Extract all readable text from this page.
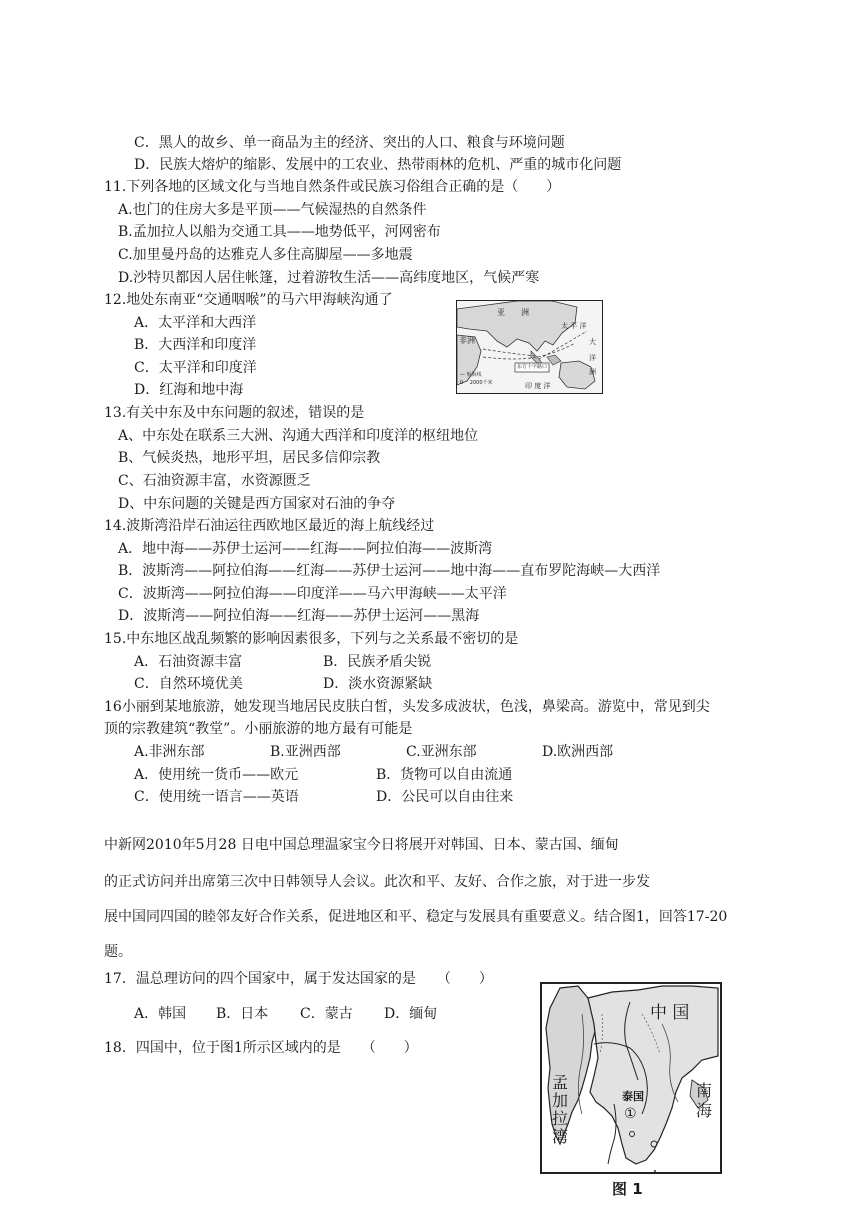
C．黑人的故乡、单一商品为主的经济、突出的人口、粮食与环境问题
D．民族大熔炉的缩影、发展中的工农业、热带雨林的危机、严重的城市化问题
11.下列各地的区域文化与当地自然条件或民族习俗组合正确的是（　　）
A.也门的住房大多是平顶——气候湿热的自然条件
B.孟加拉人以船为交通工具——地势低平，河网密布
C.加里曼丹岛的达雅克人多住高脚屋——多地震
D.沙特贝都因人居住帐篷，过着游牧生活——高纬度地区，气候严寒
12.地处东南亚“交通咽喉”的马六甲海峡沟通了
A．太平洋和大西洋
B．大西洋和印度洋
C．太平洋和印度洋
D．红海和地中海
亚　　洲
非洲
太 平 洋
大
洋
洲
印 度 洋
东方十字路口
— 航海线
0　 2000千米
13.有关中东及中东问题的叙述，错误的是
A、中东处在联系三大洲、沟通大西洋和印度洋的枢纽地位
B、气候炎热，地形平坦，居民多信仰宗教
C、石油资源丰富，水资源匮乏
D、中东问题的关键是西方国家对石油的争夺
14.波斯湾沿岸石油运往西欧地区最近的海上航线经过
A．地中海——苏伊士运河——红海——阿拉伯海——波斯湾
B．波斯湾——阿拉伯海——红海——苏伊士运河——地中海——直布罗陀海峡—大西洋
C．波斯湾——阿拉伯海——印度洋——马六甲海峡——太平洋
D．波斯湾——阿拉伯海——红海——苏伊士运河——黑海
15.中东地区战乱频繁的影响因素很多，下列与之关系最不密切的是
A．石油资源丰富	B．民族矛盾尖锐
C．自然环境优美	D．淡水资源紧缺
16小丽到某地旅游，她发现当地居民皮肤白皙，头发多成波状，色浅，鼻梁高。游览中，常见到尖
顶的宗教建筑“教堂”。小丽旅游的地方最有可能是
A.非洲东部	B.亚洲西部	C.亚洲东部	D.欧洲西部
A．使用统一货币——欧元	B．货物可以自由流通
C．使用统一语言——英语	D．公民可以自由往来
中新网2010年5月28 日电中国总理温家宝今日将展开对韩国、日本、蒙古国、缅甸
的正式访问并出席第三次中日韩领导人会议。此次和平、友好、合作之旅，对于进一步发
展中国同四国的睦邻友好合作关系，促进地区和平、稳定与发展具有重要意义。结合图1，回答17-20
题。
17．温总理访问的四个国家中，属于发达国家的是　　（　　）
A．韩国 B．日本 C．蒙古 D．缅甸
18．四国中，位于图1所示区域内的是　　（　　）
中 国
孟
加
拉
湾
南
海
泰国
①
图 1
